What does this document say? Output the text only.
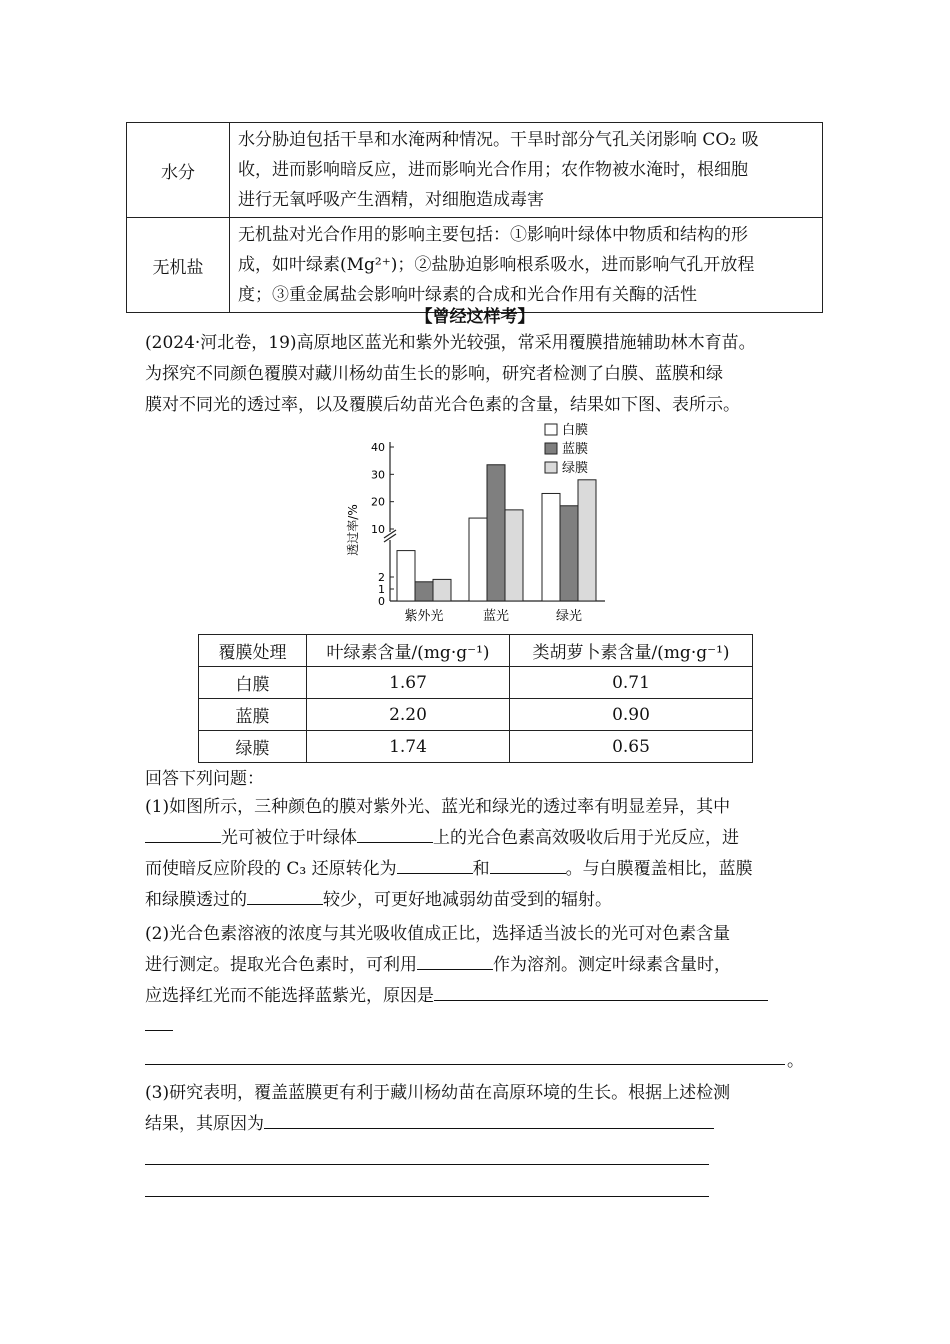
水分	水分胁迫包括干旱和水淹两种情况。干旱时部分气孔关闭影响 CO₂ 吸
收，进而影响暗反应，进而影响光合作用；农作物被水淹时，根细胞
进行无氧呼吸产生酒精，对细胞造成毒害

无机盐	无机盐对光合作用的影响主要包括：①影响叶绿体中物质和结构的形
成，如叶绿素(Mg²⁺)；②盐胁迫影响根系吸水，进而影响气孔开放程
度；③重金属盐会影响叶绿素的合成和光合作用有关酶的活性
【曾经这样考】
(2024·河北卷，19)高原地区蓝光和紫外光较强，常采用覆膜措施辅助林木育苗。
为探究不同颜色覆膜对藏川杨幼苗生长的影响，研究者检测了白膜、蓝膜和绿
膜对不同光的透过率，以及覆膜后幼苗光合色素的含量，结果如下图、表所示。
0
1
2
10
20
30
40
透过率/%
紫外光	蓝光	绿光
白膜
蓝膜
绿膜
覆膜处理	叶绿素含量/(mg·g⁻¹)	类胡萝卜素含量/(mg·g⁻¹)
白膜	1.67	0.71
蓝膜	2.20	0.90
绿膜	1.74	0.65
回答下列问题：
(1)如图所示，三种颜色的膜对紫外光、蓝光和绿光的透过率有明显差异，其中
光可被位于叶绿体	上的光合色素高效吸收后用于光反应，进
而使暗反应阶段的 C₃ 还原转化为	和	。与白膜覆盖相比，蓝膜
和绿膜透过的	较少，可更好地减弱幼苗受到的辐射。
(2)光合色素溶液的浓度与其光吸收值成正比，选择适当波长的光可对色素含量
进行测定。提取光合色素时，可利用	作为溶剂。测定叶绿素含量时，
应选择红光而不能选择蓝紫光，原因是
。
(3)研究表明，覆盖蓝膜更有利于藏川杨幼苗在高原环境的生长。根据上述检测
结果，其原因为
